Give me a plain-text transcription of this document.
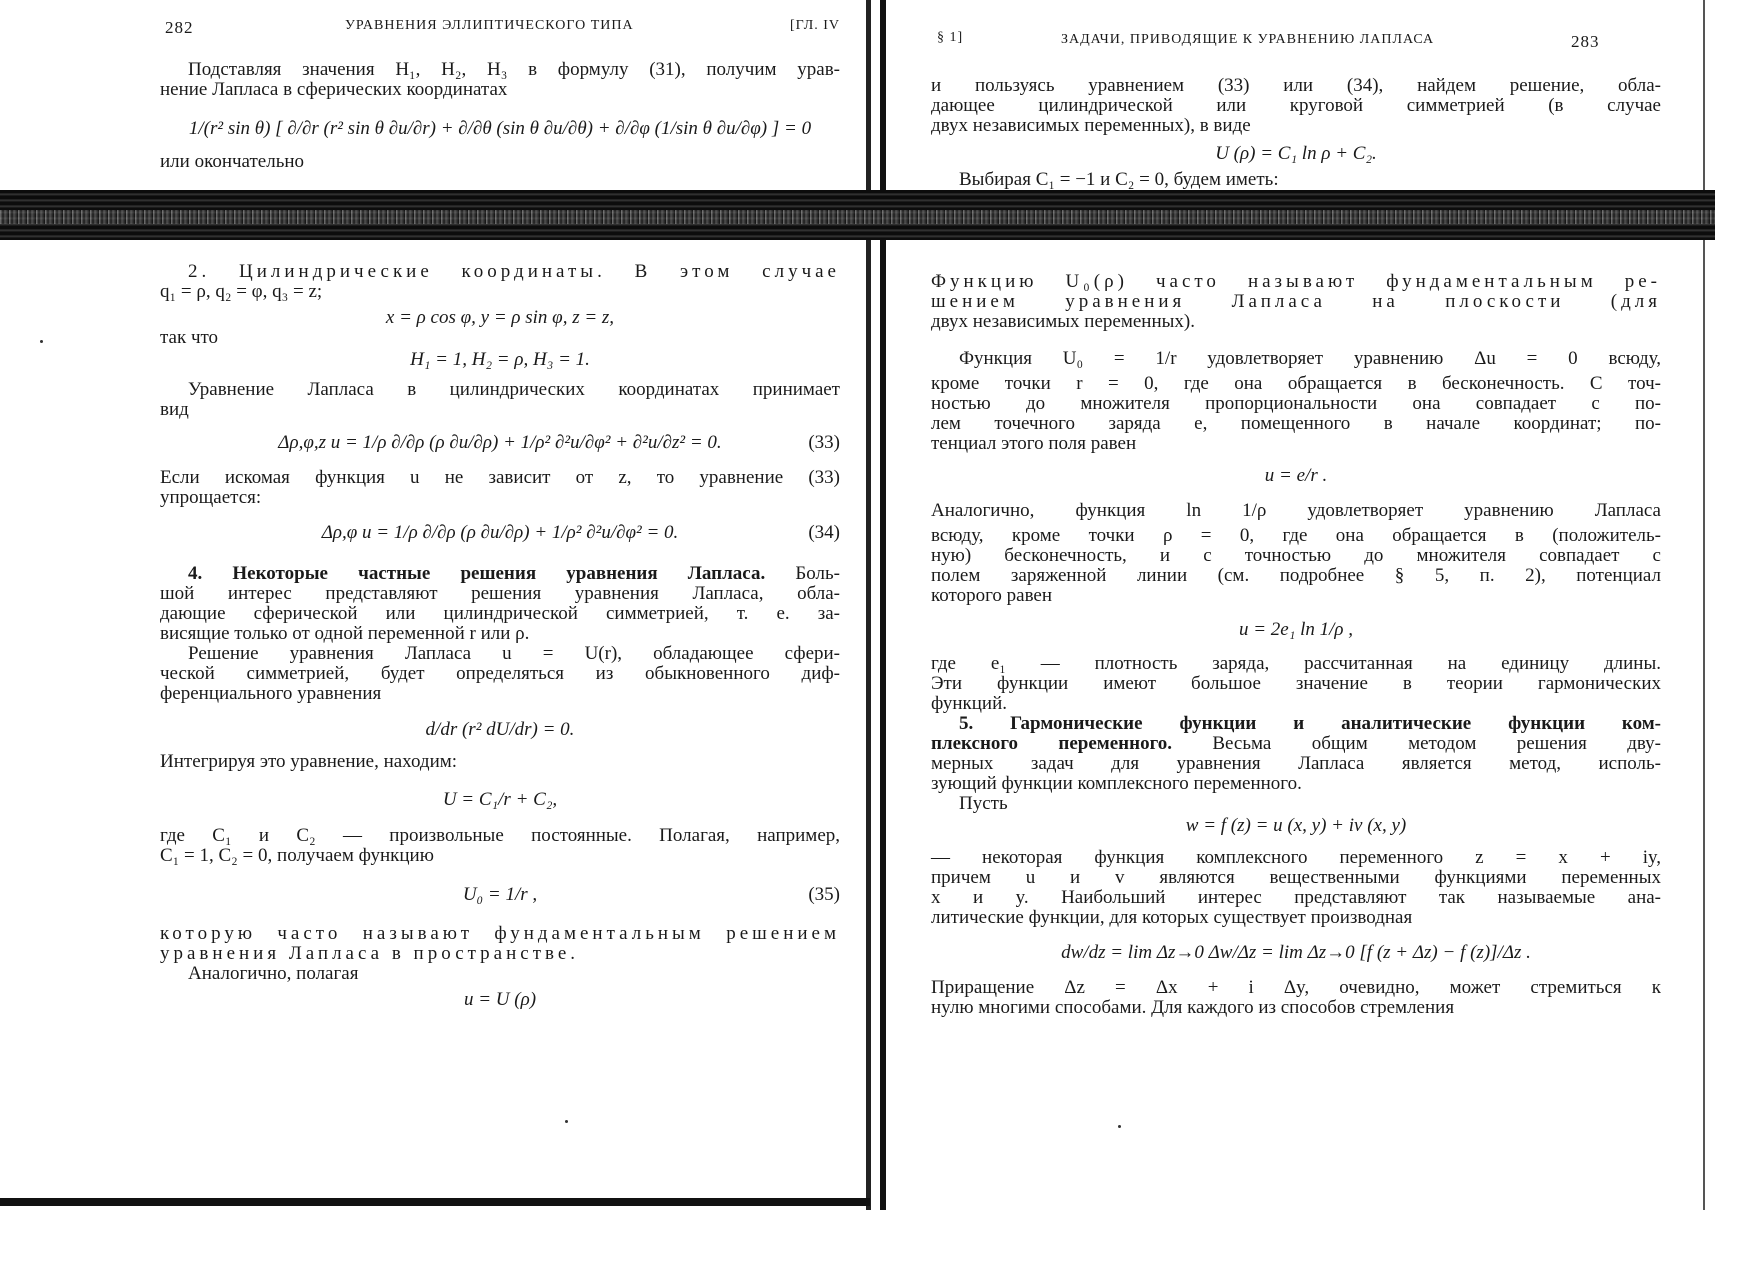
282	УРАВНЕНИЯ ЭЛЛИПТИЧЕСКОГО ТИПА	[ГЛ. IV
Подставляя значения H₁, H₂, H₃ в формулу (31), получим урав-
нение Лапласа в сферических координатах
1/(r² sin θ) [ ∂/∂r (r² sin θ ∂u/∂r) + ∂/∂θ (sin θ ∂u/∂θ) + ∂/∂φ (1/sin θ ∂u/∂φ) ] = 0
или окончательно
2. Цилиндрические координаты. В этом случае
q₁ = ρ, q₂ = φ, q₃ = z;
x = ρ cos φ, y = ρ sin φ, z = z,
так что
H₁ = 1, H₂ = ρ, H₃ = 1.
Уравнение Лапласа в цилиндрических координатах принимает
вид
Δρ,φ,z u = 1/ρ ∂/∂ρ (ρ ∂u/∂ρ) + 1/ρ² ∂²u/∂φ² + ∂²u/∂z² = 0.	(33)
Если искомая функция u не зависит от z, то уравнение (33)
упрощается:
Δρ,φ u = 1/ρ ∂/∂ρ (ρ ∂u/∂ρ) + 1/ρ² ∂²u/∂φ² = 0.	(34)
4. Некоторые частные решения уравнения Лапласа. Боль-
шой интерес представляют решения уравнения Лапласа, обла-
дающие сферической или цилиндрической симметрией, т. е. за-
висящие только от одной переменной r или ρ.
Решение уравнения Лапласа u = U(r), обладающее сфери-
ческой симметрией, будет определяться из обыкновенного диф-
ференциального уравнения
d/dr (r² dU/dr) = 0.
Интегрируя это уравнение, находим:
U = C₁/r + C₂,
где C₁ и C₂ — произвольные постоянные. Полагая, например,
C₁ = 1, C₂ = 0, получаем функцию
U₀ = 1/r ,	(35)
которую часто называют фундаментальным решением
уравнения Лапласа в пространстве.
Аналогично, полагая
u = U (ρ)
§ 1]	ЗАДАЧИ, ПРИВОДЯЩИЕ К УРАВНЕНИЮ ЛАПЛАСА	283
и пользуясь уравнением (33) или (34), найдем решение, обла-
дающее цилиндрической или круговой симметрией (в случае
двух независимых переменных), в виде
U (ρ) = C₁ ln ρ + C₂.
Выбирая C₁ = −1 и C₂ = 0, будем иметь:
Функцию U₀(ρ) часто называют фундаментальным ре-
шением уравнения Лапласа на плоскости (для
двух независимых переменных).
Функция U₀ = 1/r удовлетворяет уравнению Δu = 0 всюду,
кроме точки r = 0, где она обращается в бесконечность. С точ-
ностью до множителя пропорциональности она совпадает с по-
лем точечного заряда e, помещенного в начале координат; по-
тенциал этого поля равен
u = e/r .
Аналогично, функция ln 1/ρ удовлетворяет уравнению Лапласа
всюду, кроме точки ρ = 0, где она обращается в (положитель-
ную) бесконечность, и с точностью до множителя совпадает с
полем заряженной линии (см. подробнее § 5, п. 2), потенциал
которого равен
u = 2e₁ ln 1/ρ ,
где e₁ — плотность заряда, рассчитанная на единицу длины.
Эти функции имеют большое значение в теории гармонических
функций.
5. Гармонические функции и аналитические функции ком-
плексного переменного. Весьма общим методом решения дву-
мерных задач для уравнения Лапласа является метод, исполь-
зующий функции комплексного переменного.
Пусть
w = f (z) = u (x, y) + iv (x, y)
— некоторая функция комплексного переменного z = x + iy,
причем u и v являются вещественными функциями переменных
x и y. Наибольший интерес представляют так называемые ана-
литические функции, для которых существует производная
dw/dz = lim Δz→0 Δw/Δz = lim Δz→0 [f (z + Δz) − f (z)]/Δz .
Приращение Δz = Δx + i Δy, очевидно, может стремиться к
нулю многими способами. Для каждого из способов стремления
